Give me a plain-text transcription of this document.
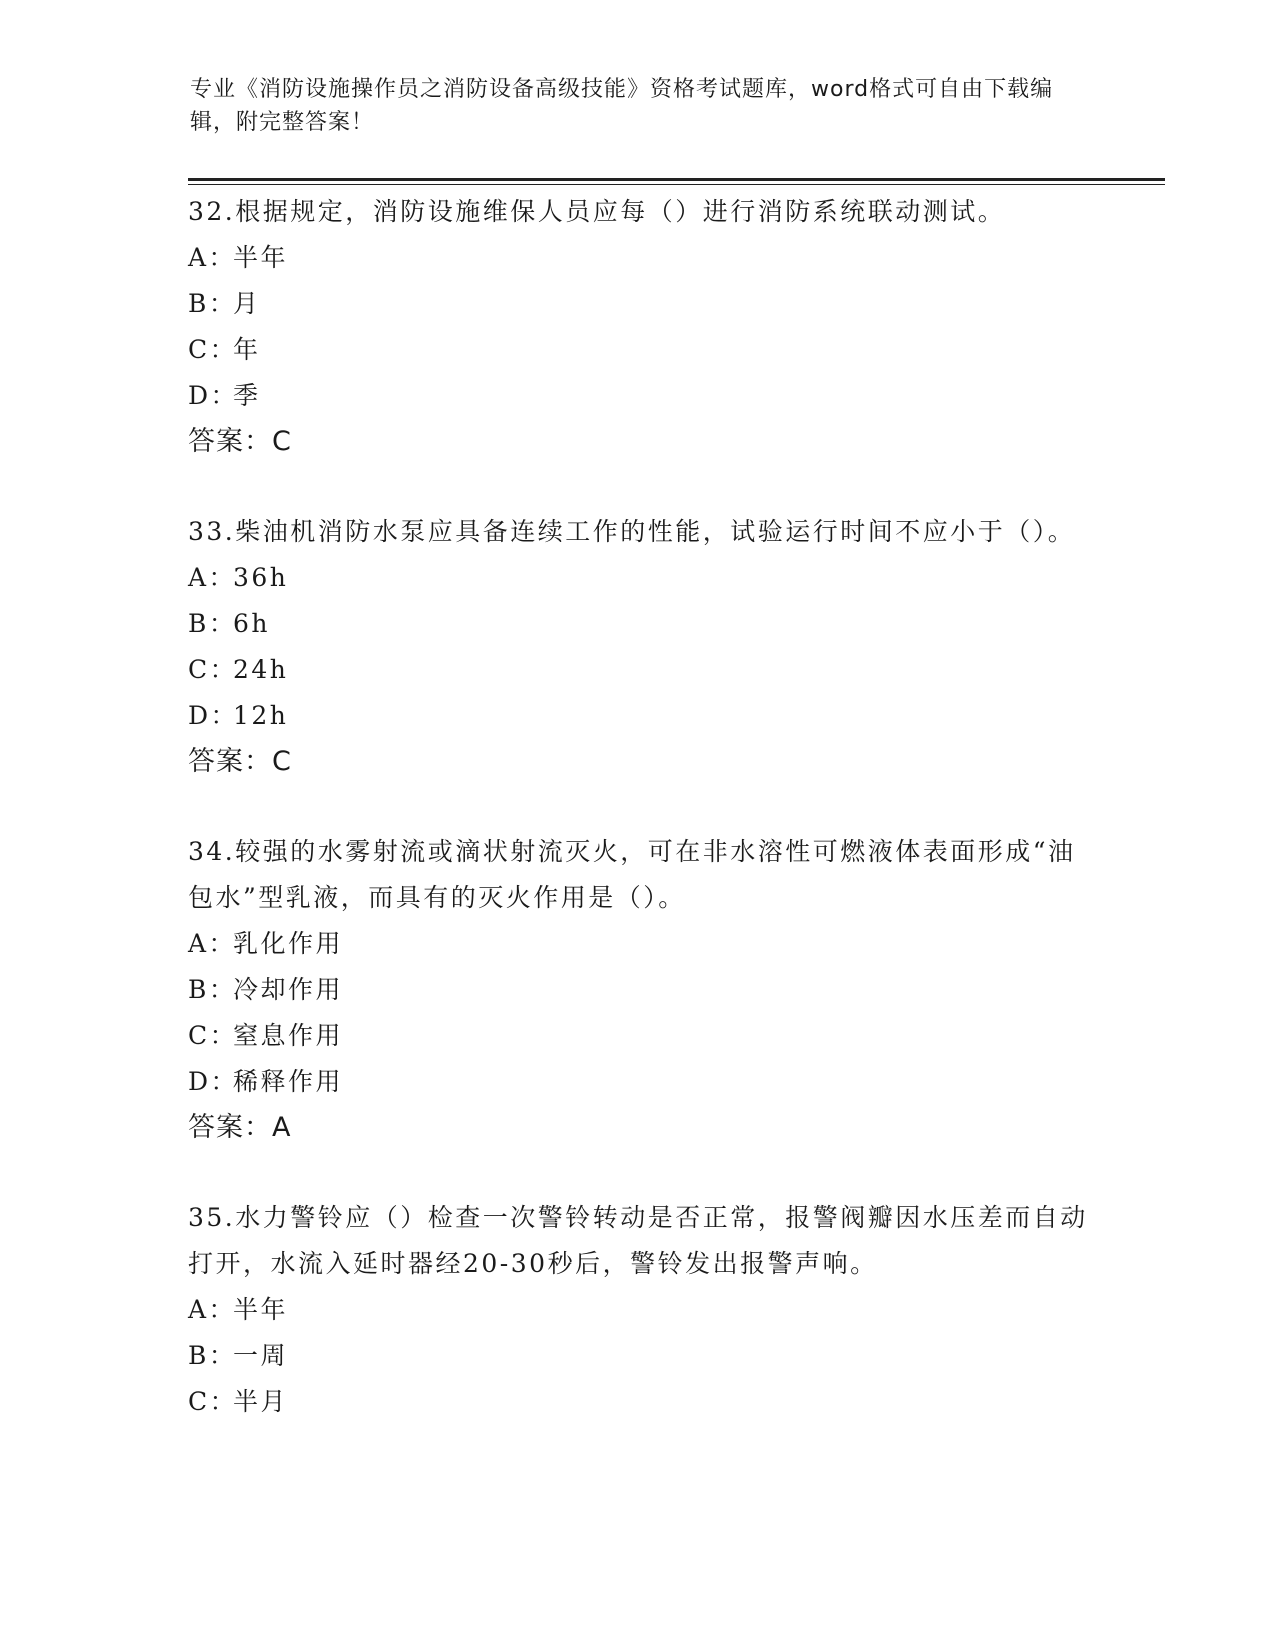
专业《消防设施操作员之消防设备高级技能》资格考试题库，word格式可自由下载编辑，附完整答案！
32.根据规定，消防设施维保人员应每（）进行消防系统联动测试。
A：
半年
B：
月
C：
年
D：
季
答案：C
33.柴油机消防水泵应具备连续工作的性能，试验运行时间不应小于（）。
A：
36h
B：
6h
C：
24h
D：
12h
答案：C
34.较强的水雾射流或滴状射流灭火，可在非水溶性可燃液体表面形成“油包水”型乳液，而具有的灭火作用是（）。
A：
乳化作用
B：
冷却作用
C：
窒息作用
D：
稀释作用
答案：A
35.水力警铃应（）检查一次警铃转动是否正常，报警阀瓣因水压差而自动打开，水流入延时器经20-30秒后，警铃发出报警声响。
A：
半年
B：
一周
C：
半月
